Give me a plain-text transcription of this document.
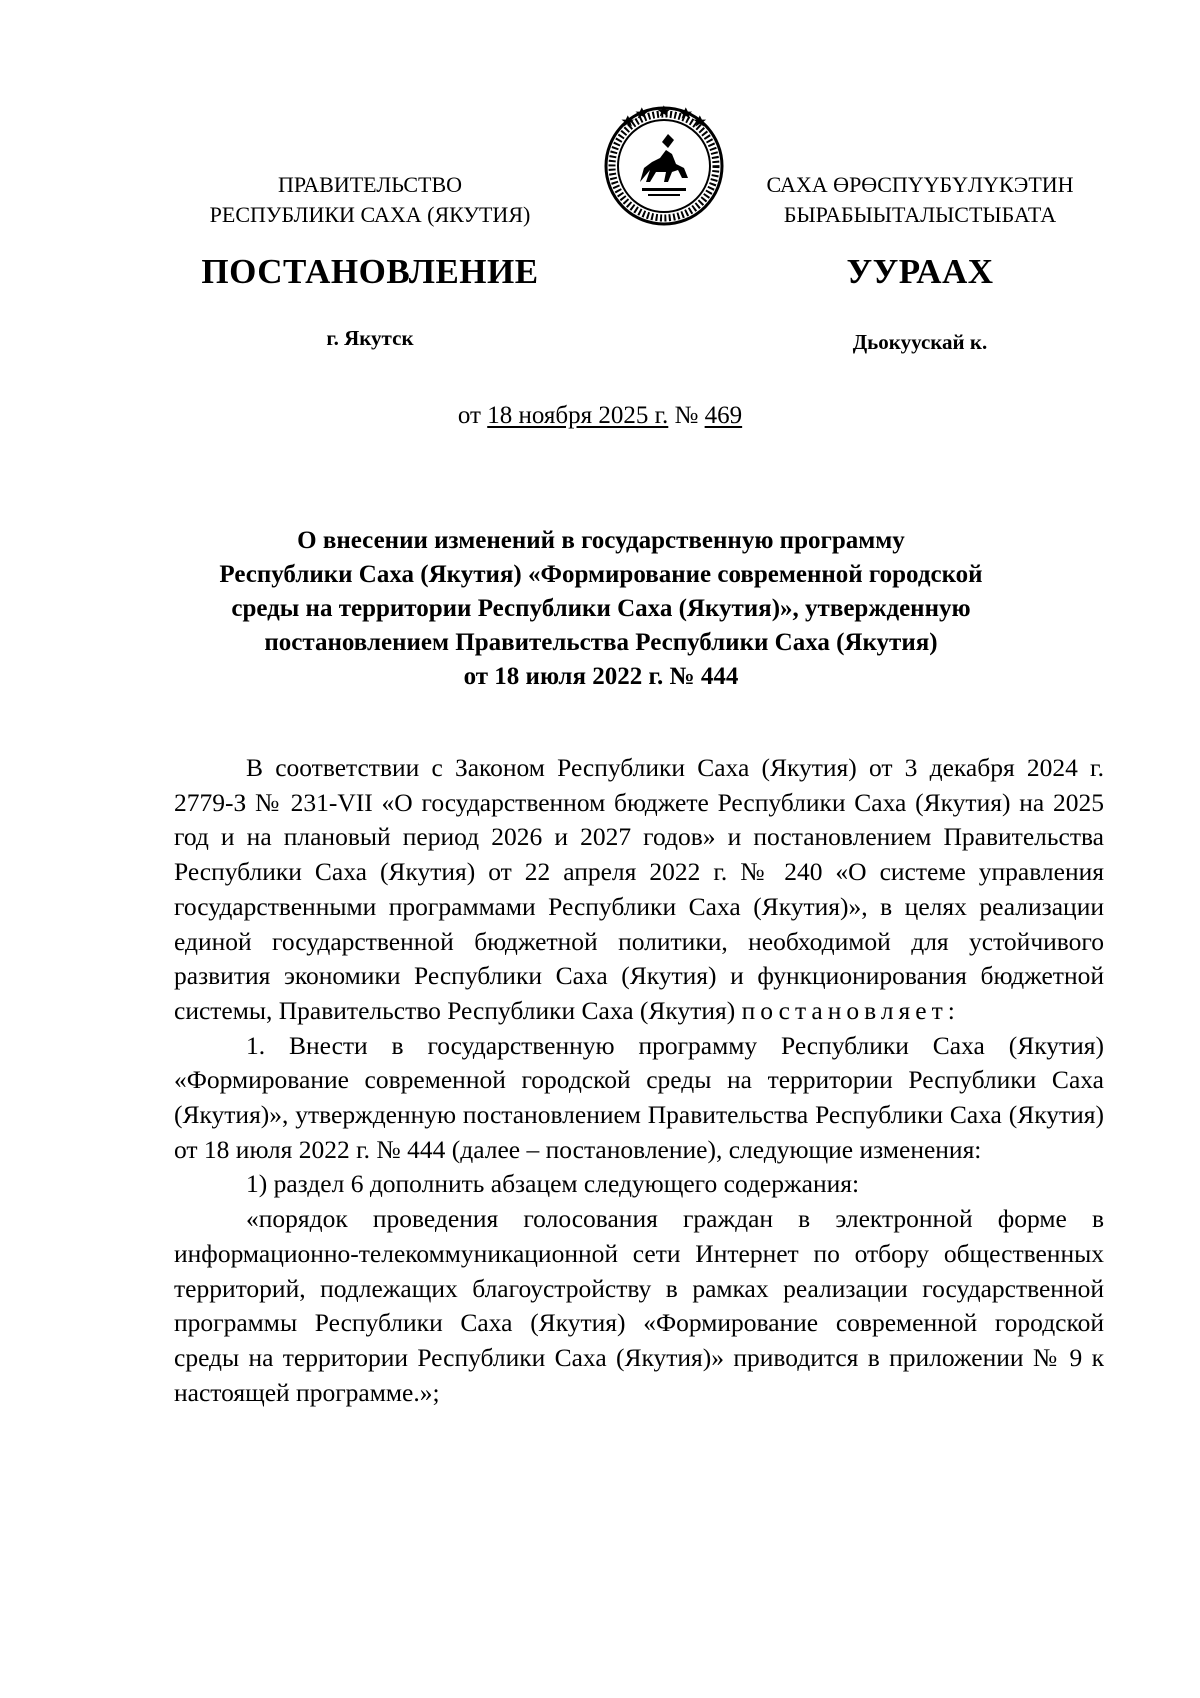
ПРАВИТЕЛЬСТВО
РЕСПУБЛИКИ САХА (ЯКУТИЯ)
САХА ӨРӨСПҮҮБҮЛҮКЭТИН
БЫРАБЫЫТАЛЫСТЫБАТА
ПОСТАНОВЛЕНИЕ	УУРААХ
г. Якутск	Дьокуускай к.
от 18 ноября 2025 г. № 469
О внесении изменений в государственную программу
Республики Саха (Якутия) «Формирование современной городской
среды на территории Республики Саха (Якутия)», утвержденную
постановлением Правительства Республики Саха (Якутия)
от 18 июля 2022 г. № 444

В соответствии с Законом Республики Саха (Якутия) от 3 декабря 2024 г. 2779-З № 231-VII «О государственном бюджете Республики Саха (Якутия) на 2025 год и на плановый период 2026 и 2027 годов» и постановлением Правительства Республики Саха (Якутия) от 22 апреля 2022 г. № 240 «О системе управления государственными программами Республики Саха (Якутия)», в целях реализации единой государственной бюджетной политики, необходимой для устойчивого развития экономики Республики Саха (Якутия) и функционирования бюджетной системы, Правительство Республики Саха (Якутия) постановляет:

1. Внести в государственную программу Республики Саха (Якутия) «Формирование современной городской среды на территории Республики Саха (Якутия)», утвержденную постановлением Правительства Республики Саха (Якутия) от 18 июля 2022 г. № 444 (далее – постановление), следующие изменения:

1) раздел 6 дополнить абзацем следующего содержания:

«порядок проведения голосования граждан в электронной форме в информационно-телекоммуникационной сети Интернет по отбору общественных территорий, подлежащих благоустройству в рамках реализации государственной программы Республики Саха (Якутия) «Формирование современной городской среды на территории Республики Саха (Якутия)» приводится в приложении № 9 к настоящей программе.»;
